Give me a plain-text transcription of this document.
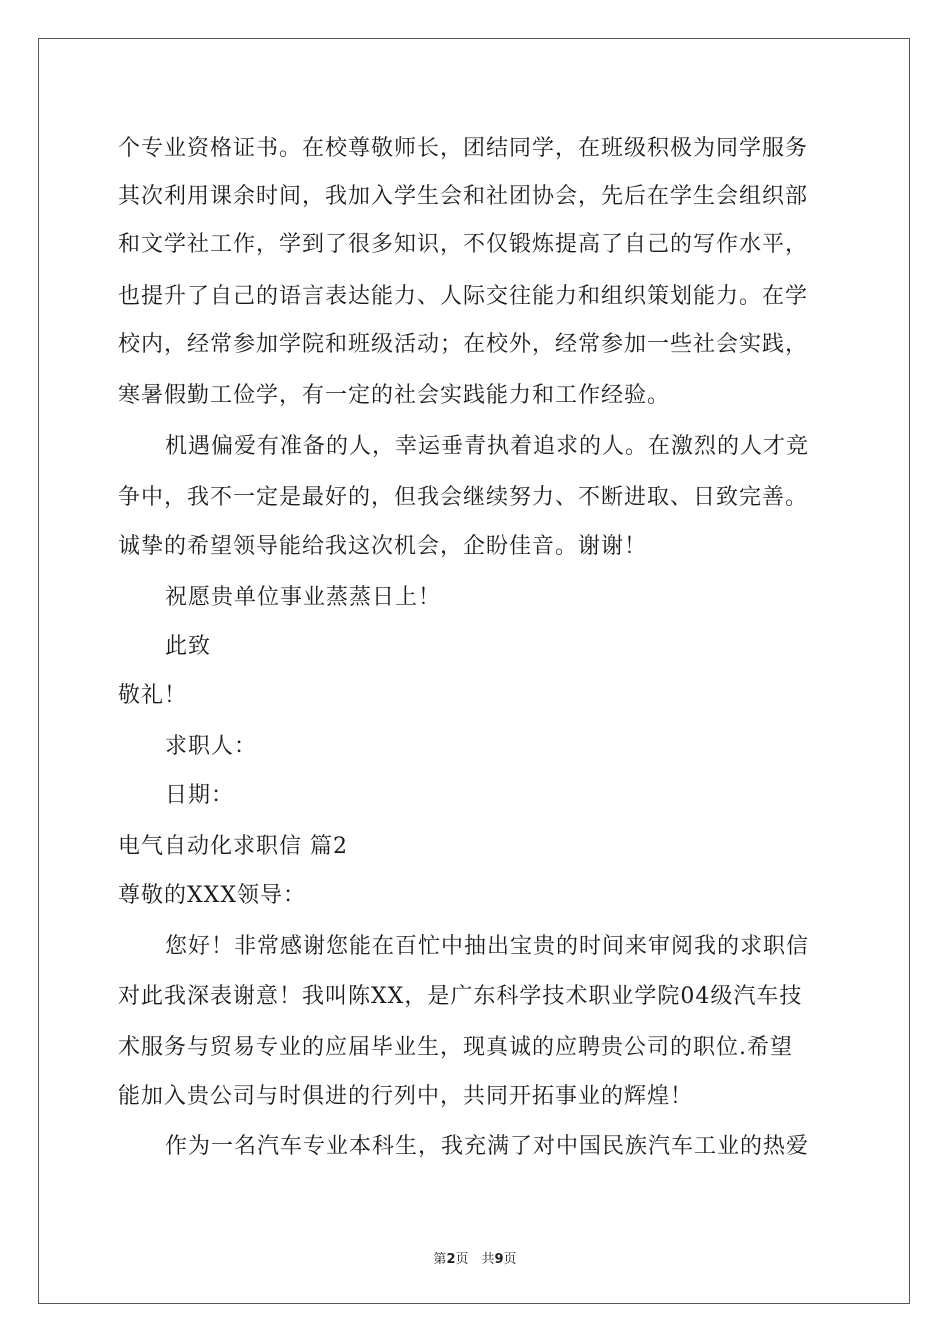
个专业资格证书。在校尊敬师长，团结同学，在班级积极为同学服务
其次利用课余时间，我加入学生会和社团协会，先后在学生会组织部
和文学社工作，学到了很多知识，不仅锻炼提高了自己的写作水平，
也提升了自己的语言表达能力、人际交往能力和组织策划能力。在学
校内，经常参加学院和班级活动；在校外，经常参加一些社会实践，
寒暑假勤工俭学，有一定的社会实践能力和工作经验。
机遇偏爱有准备的人，幸运垂青执着追求的人。在激烈的人才竞
争中，我不一定是最好的，但我会继续努力、不断进取、日致完善。
诚挚的希望领导能给我这次机会，企盼佳音。谢谢！
祝愿贵单位事业蒸蒸日上！
此致
敬礼！
求职人：
日期：
电气自动化求职信 篇2
尊敬的XXX领导：
您好！非常感谢您能在百忙中抽出宝贵的时间来审阅我的求职信
对此我深表谢意！我叫陈XX，是广东科学技术职业学院04级汽车技
术服务与贸易专业的应届毕业生，现真诚的应聘贵公司的职位.希望
能加入贵公司与时俱进的行列中，共同开拓事业的辉煌！
作为一名汽车专业本科生，我充满了对中国民族汽车工业的热爱
第2页　共9页
